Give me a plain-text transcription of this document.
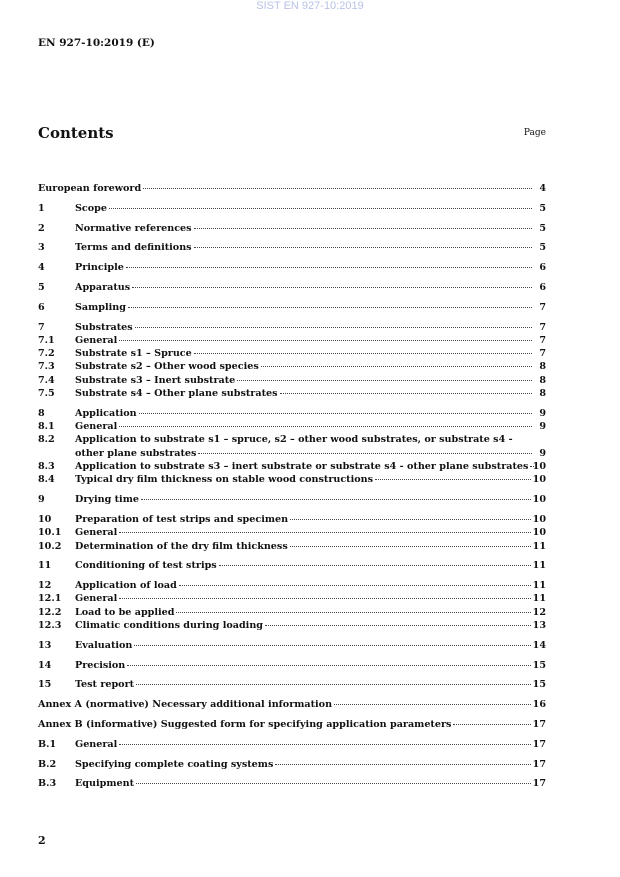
SIST EN 927-10:2019
EN 927-10:2019 (E)
Contents	Page
European foreword	4
1	Scope	5
2	Normative references	5
3	Terms and definitions	5
4	Principle	6
5	Apparatus	6
6	Sampling	7
7	Substrates	7
7.1	General	7
7.2	Substrate s1 – Spruce	7
7.3	Substrate s2 – Other wood species	8
7.4	Substrate s3 – Inert substrate	8
7.5	Substrate s4 – Other plane substrates	8
8	Application	9
8.1	General	9
8.2	Application to substrate s1 – spruce, s2 – other wood substrates, or substrate s4 -
other plane substrates	9
8.3	Application to substrate s3 – inert substrate or substrate s4 - other plane substrates 10
8.4	Typical dry film thickness on stable wood constructions	10
9	Drying time	10
10	Preparation of test strips and specimen	10
10.1	General	10
10.2	Determination of the dry film thickness	11
11	Conditioning of test strips	11
12	Application of load	11
12.1	General	11
12.2	Load to be applied	12
12.3	Climatic conditions during loading	13
13	Evaluation	14
14	Precision	15
15	Test report	15
Annex A (normative) Necessary additional information	16
Annex B (informative) Suggested form for specifying application parameters	17
B.1	General	17
B.2	Specifying complete coating systems	17
B.3	Equipment	17
2
